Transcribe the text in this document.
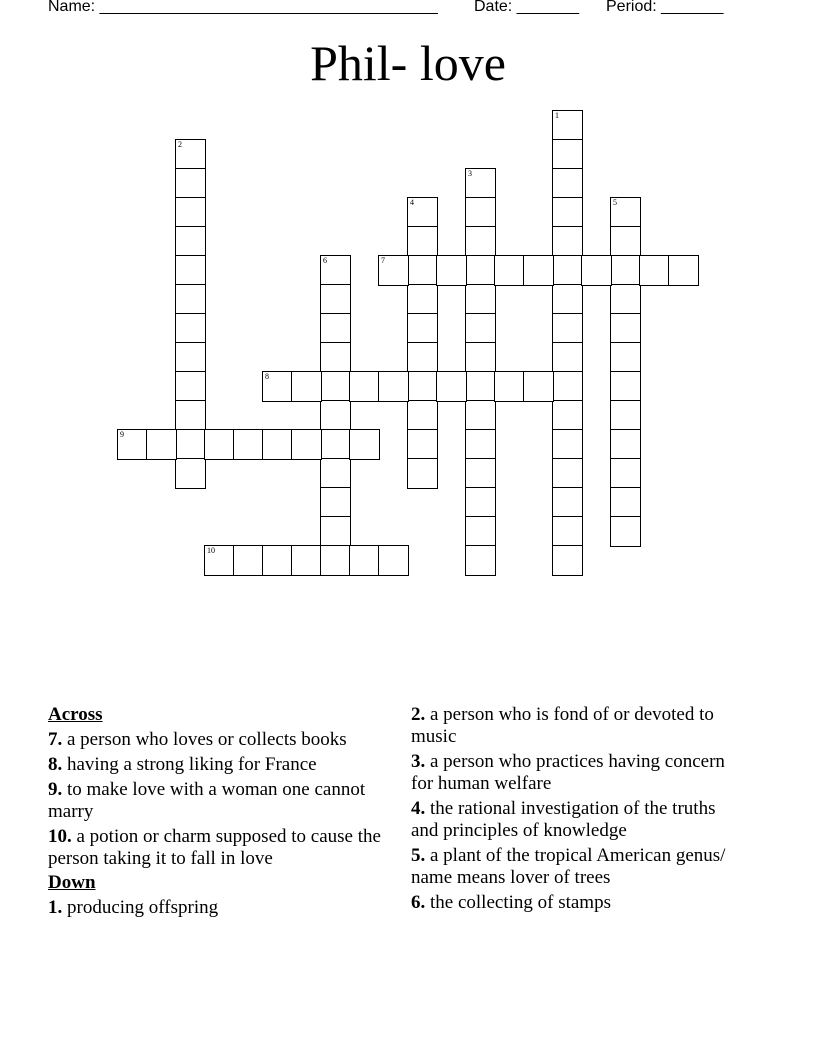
Name: ______________________________________ Date: _______ Period: _______
Phil- love
1
2
3
4	5
6	7
8
9
10
Across
7. a person who loves or collects books
8. having a strong liking for France
9. to make love with a woman one cannot marry
10. a potion or charm supposed to cause the person taking it to fall in love
Down
1. producing offspring
2. a person who is fond of or devoted to music
3. a person who practices having concern for human welfare
4. the rational investigation of the truths and principles of knowledge
5. a plant of the tropical American genus/ name means lover of trees
6. the collecting of stamps
